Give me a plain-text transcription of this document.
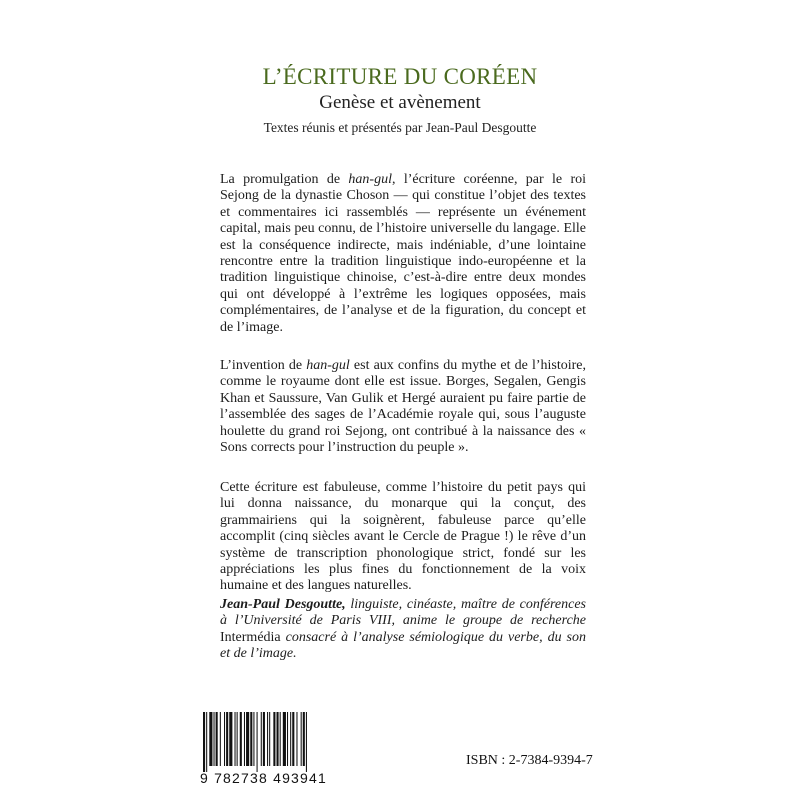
L’ÉCRITURE DU CORÉEN
Genèse et avènement
Textes réunis et présentés par Jean-Paul Desgoutte

La promulgation de han-gul, l’écriture coréenne, par le roi Sejong de la dynastie Choson — qui constitue l’objet des textes et commentaires ici rassemblés — représente un événement capital, mais peu connu, de l’histoire universelle du langage. Elle est la conséquence indirecte, mais indéniable, d’une lointaine rencontre entre la tradition linguistique indo-européenne et la tradition linguistique chinoise, c’est-à-dire entre deux mondes qui ont développé à l’extrême les logiques opposées, mais complémentaires, de l’analyse et de la figuration, du concept et de l’image.

L’invention de han-gul est aux confins du mythe et de l’histoire, comme le royaume dont elle est issue. Borges, Segalen, Gengis Khan et Saussure, Van Gulik et Hergé auraient pu faire partie de l’assemblée des sages de l’Académie royale qui, sous l’auguste houlette du grand roi Sejong, ont contribué à la naissance des « Sons corrects pour l’instruction du peuple ».

Cette écriture est fabuleuse, comme l’histoire du petit pays qui lui donna naissance, du monarque qui la conçut, des grammairiens qui la soignèrent, fabuleuse parce qu’elle accomplit (cinq siècles avant le Cercle de Prague !) le rêve d’un système de transcription phonologique strict, fondé sur les appréciations les plus fines du fonctionnement de la voix humaine et des langues naturelles.

Jean-Paul Desgoutte, linguiste, cinéaste, maître de conférences à l’Université de Paris VIII, anime le groupe de recherche Intermédia consacré à l’analyse sémiologique du verbe, du son et de l’image.

9 782738 493941
ISBN : 2-7384-9394-7
